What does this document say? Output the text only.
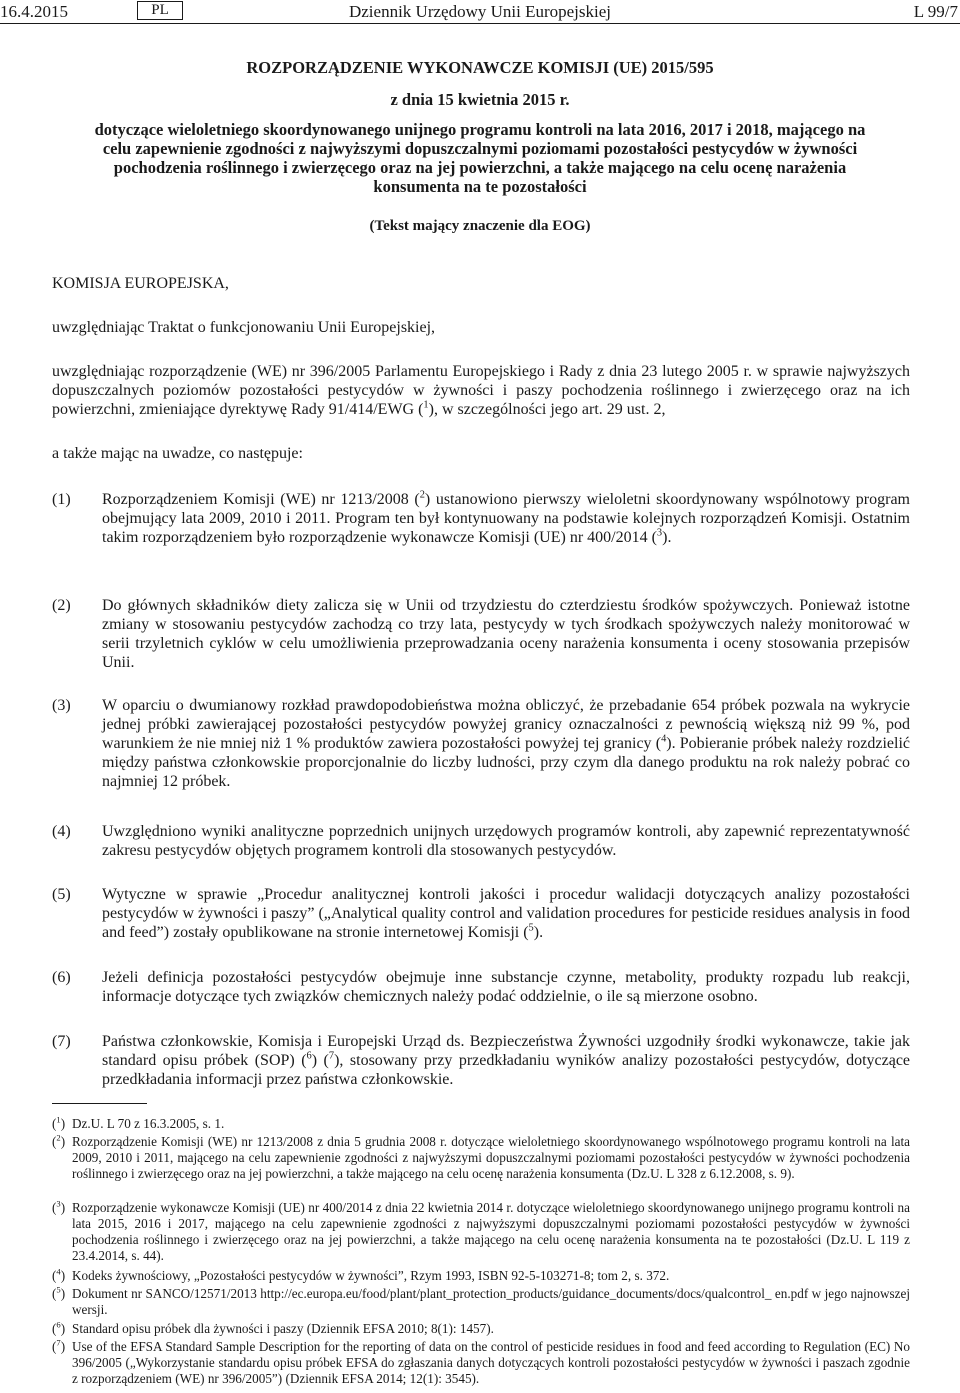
16.4.2015	PL	Dziennik Urzędowy Unii Europejskiej	L 99/7
ROZPORZĄDZENIE WYKONAWCZE KOMISJI (UE) 2015/595
z dnia 15 kwietnia 2015 r.
dotyczące wieloletniego skoordynowanego unijnego programu kontroli na lata 2016, 2017 i 2018, mającego na celu zapewnienie zgodności z najwyższymi dopuszczalnymi poziomami pozostałości pestycydów w żywności pochodzenia roślinnego i zwierzęcego oraz na jej powierzchni, a także mającego na celu ocenę narażenia konsumenta na te pozostałości
(Tekst mający znaczenie dla EOG)
KOMISJA EUROPEJSKA,
uwzględniając Traktat o funkcjonowaniu Unii Europejskiej,
uwzględniając rozporządzenie (WE) nr 396/2005 Parlamentu Europejskiego i Rady z dnia 23 lutego 2005 r. w sprawie najwyższych dopuszczalnych poziomów pozostałości pestycydów w żywności i paszy pochodzenia roślinnego i zwierzęcego oraz na ich powierzchni, zmieniające dyrektywę Rady 91/414/EWG ($^1$), w szczególności jego art. 29 ust. 2,
a także mając na uwadze, co następuje:
(1) Rozporządzeniem Komisji (WE) nr 1213/2008 ($^2$) ustanowiono pierwszy wieloletni skoordynowany wspólnotowy program obejmujący lata 2009, 2010 i 2011. Program ten był kontynuowany na podstawie kolejnych rozporządzeń Komisji. Ostatnim takim rozporządzeniem było rozporządzenie wykonawcze Komisji (UE) nr 400/2014 ($^3$).
(2) Do głównych składników diety zalicza się w Unii od trzydziestu do czterdziestu środków spożywczych. Ponieważ istotne zmiany w stosowaniu pestycydów zachodzą co trzy lata, pestycydy w tych środkach spożywczych należy monitorować w serii trzyletnich cyklów w celu umożliwienia przeprowadzania oceny narażenia konsumenta i oceny stosowania przepisów Unii.
(3) W oparciu o dwumianowy rozkład prawdopodobieństwa można obliczyć, że przebadanie 654 próbek pozwala na wykrycie jednej próbki zawierającej pozostałości pestycydów powyżej granicy oznaczalności z pewnością większą niż 99 %, pod warunkiem że nie mniej niż 1 % produktów zawiera pozostałości powyżej tej granicy ($^4$). Pobieranie próbek należy rozdzielić między państwa członkowskie proporcjonalnie do liczby ludności, przy czym dla danego produktu na rok należy pobrać co najmniej 12 próbek.
(4) Uwzględniono wyniki analityczne poprzednich unijnych urzędowych programów kontroli, aby zapewnić reprezentatywność zakresu pestycydów objętych programem kontroli dla stosowanych pestycydów.
(5) Wytyczne w sprawie „Procedur analitycznej kontroli jakości i procedur walidacji dotyczących analizy pozostałości pestycydów w żywności i paszy” („Analytical quality control and validation procedures for pesticide residues analysis in food and feed”) zostały opublikowane na stronie internetowej Komisji ($^5$).
(6) Jeżeli definicja pozostałości pestycydów obejmuje inne substancje czynne, metabolity, produkty rozpadu lub reakcji, informacje dotyczące tych związków chemicznych należy podać oddzielnie, o ile są mierzone osobno.
(7) Państwa członkowskie, Komisja i Europejski Urząd ds. Bezpieczeństwa Żywności uzgodniły środki wykonawcze, takie jak standard opisu próbek (SOP) ($^6$) ($^7$), stosowany przy przedkładaniu wyników analizy pozostałości pestycydów, dotyczące przedkładania informacji przez państwa członkowskie.
($^1$) Dz.U. L 70 z 16.3.2005, s. 1.
($^2$) Rozporządzenie Komisji (WE) nr 1213/2008 z dnia 5 grudnia 2008 r. dotyczące wieloletniego skoordynowanego wspólnotowego programu kontroli na lata 2009, 2010 i 2011, mającego na celu zapewnienie zgodności z najwyższymi dopuszczalnymi poziomami pozostałości pestycydów w żywności pochodzenia roślinnego i zwierzęcego oraz na jej powierzchni, a także mającego na celu ocenę narażenia konsumenta (Dz.U. L 328 z 6.12.2008, s. 9).
($^3$) Rozporządzenie wykonawcze Komisji (UE) nr 400/2014 z dnia 22 kwietnia 2014 r. dotyczące wieloletniego skoordynowanego unijnego programu kontroli na lata 2015, 2016 i 2017, mającego na celu zapewnienie zgodności z najwyższymi dopuszczalnymi poziomami pozostałości pestycydów w żywności pochodzenia roślinnego i zwierzęcego oraz na jej powierzchni, a także mającego na celu ocenę narażenia konsumenta na te pozostałości (Dz.U. L 119 z 23.4.2014, s. 44).
($^4$) Kodeks żywnościowy, „Pozostałości pestycydów w żywności”, Rzym 1993, ISBN 92-5-103271-8; tom 2, s. 372.
($^5$) Dokument nr SANCO/12571/2013 http://ec.europa.eu/food/plant/plant_protection_products/guidance_documents/docs/qualcontrol_ en.pdf w jego najnowszej wersji.
($^6$) Standard opisu próbek dla żywności i paszy (Dziennik EFSA 2010; 8(1): 1457).
($^7$) Use of the EFSA Standard Sample Description for the reporting of data on the control of pesticide residues in food and feed according to Regulation (EC) No 396/2005 („Wykorzystanie standardu opisu próbek EFSA do zgłaszania danych dotyczących kontroli pozostałości pestycydów w żywności i paszach zgodnie z rozporządzeniem (WE) nr 396/2005”) (Dziennik EFSA 2014; 12(1): 3545).
